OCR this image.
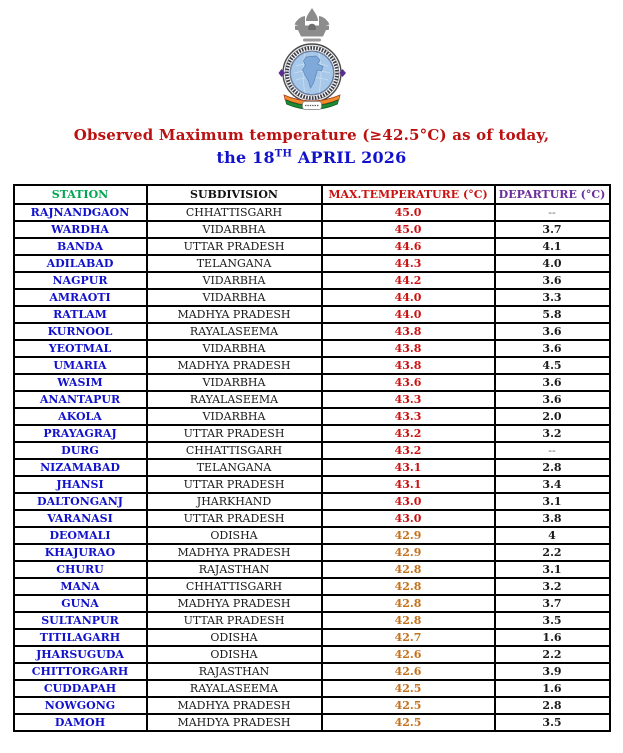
Observed Maximum temperature (≥42.5°C) as of today,
the 18TH APRIL 2026
STATION	SUBDIVISION	MAX.TEMPERATURE (°C)	DEPARTURE (°C)
RAJNANDGAON	CHHATTISGARH	45.0	--
WARDHA	VIDARBHA	45.0	3.7
BANDA	UTTAR PRADESH	44.6	4.1
ADILABAD	TELANGANA	44.3	4.0
NAGPUR	VIDARBHA	44.2	3.6
AMRAOTI	VIDARBHA	44.0	3.3
RATLAM	MADHYA PRADESH	44.0	5.8
KURNOOL	RAYALASEEMA	43.8	3.6
YEOTMAL	VIDARBHA	43.8	3.6
UMARIA	MADHYA PRADESH	43.8	4.5
WASIM	VIDARBHA	43.6	3.6
ANANTAPUR	RAYALASEEMA	43.3	3.6
AKOLA	VIDARBHA	43.3	2.0
PRAYAGRAJ	UTTAR PRADESH	43.2	3.2
DURG	CHHATTISGARH	43.2	--
NIZAMABAD	TELANGANA	43.1	2.8
JHANSI	UTTAR PRADESH	43.1	3.4
DALTONGANJ	JHARKHAND	43.0	3.1
VARANASI	UTTAR PRADESH	43.0	3.8
DEOMALI	ODISHA	42.9	4
KHAJURAO	MADHYA PRADESH	42.9	2.2
CHURU	RAJASTHAN	42.8	3.1
MANA	CHHATTISGARH	42.8	3.2
GUNA	MADHYA PRADESH	42.8	3.7
SULTANPUR	UTTAR PRADESH	42.8	3.5
TITILAGARH	ODISHA	42.7	1.6
JHARSUGUDA	ODISHA	42.6	2.2
CHITTORGARH	RAJASTHAN	42.6	3.9
CUDDAPAH	RAYALASEEMA	42.5	1.6
NOWGONG	MADHYA PRADESH	42.5	2.8
DAMOH	MAHDYA PRADESH	42.5	3.5
